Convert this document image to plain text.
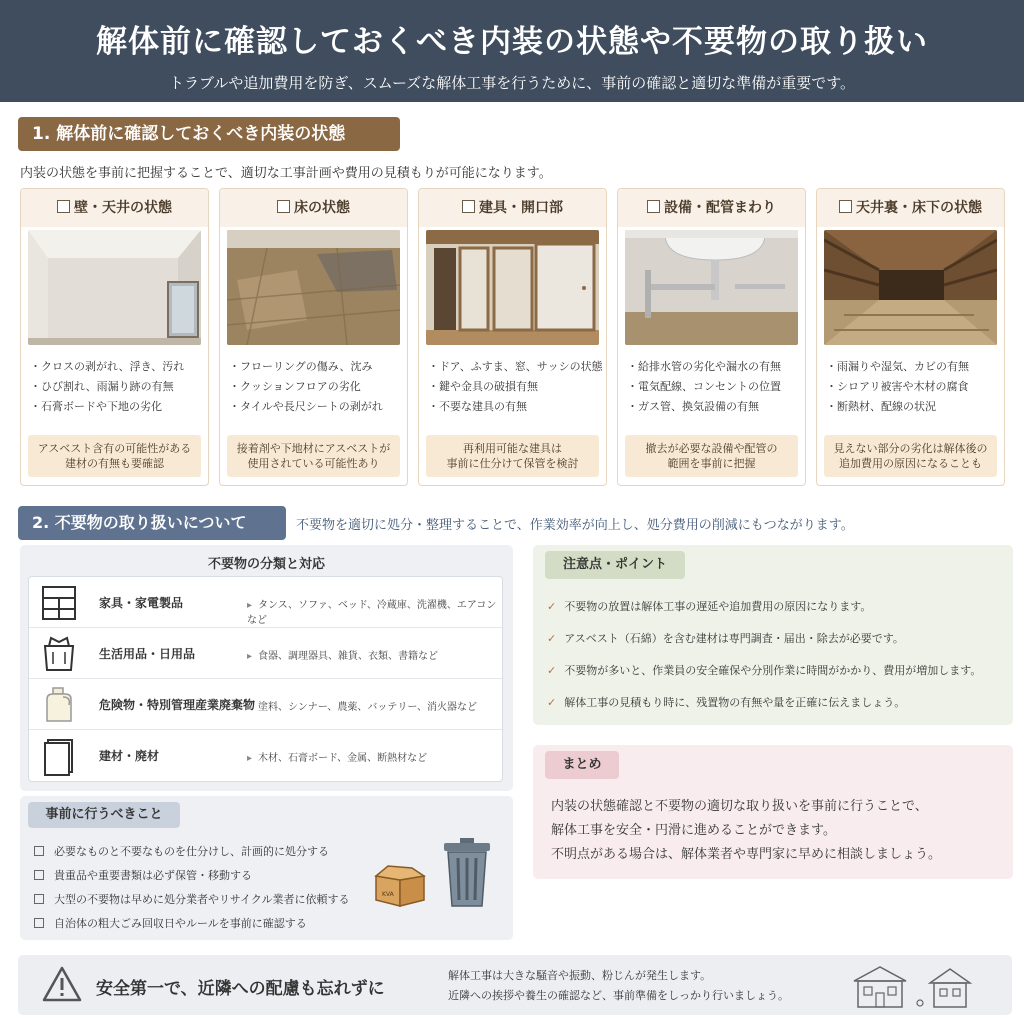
解体前に確認しておくべき内装の状態や不要物の取り扱い
トラブルや追加費用を防ぎ、スムーズな解体工事を行うために、事前の確認と適切な準備が重要です。
1. 解体前に確認しておくべき内装の状態
内装の状態を事前に把握することで、適切な工事計画や費用の見積もりが可能になります。
壁・天井の状態
・クロスの剥がれ、浮き、汚れ
・ひび割れ、雨漏り跡の有無
・石膏ボードや下地の劣化
アスベスト含有の可能性がある
建材の有無も要確認
床の状態
・フローリングの傷み、沈み
・クッションフロアの劣化
・タイルや長尺シートの剥がれ
接着剤や下地材にアスベストが
使用されている可能性あり
建具・開口部
・ドア、ふすま、窓、サッシの状態
・鍵や金具の破損有無
・不要な建具の有無
再利用可能な建具は
事前に仕分けて保管を検討
設備・配管まわり
・給排水管の劣化や漏水の有無
・電気配線、コンセントの位置
・ガス管、換気設備の有無
撤去が必要な設備や配管の
範囲を事前に把握
天井裏・床下の状態
・雨漏りや湿気、カビの有無
・シロアリ被害や木材の腐食
・断熱材、配線の状況
見えない部分の劣化は解体後の
追加費用の原因になることも
2. 不要物の取り扱いについて	不要物を適切に処分・整理することで、作業効率が向上し、処分費用の削減にもつながります。
不要物の分類と対応
家具・家電製品	▸ タンス、ソファ、ベッド、冷蔵庫、洗濯機、エアコンなど
生活用品・日用品	▸ 食器、調理器具、雑貨、衣類、書籍など
危険物・特別管理産業廃棄物 ▸ 塗料、シンナー、農薬、バッテリー、消火器など
建材・廃材	▸ 木材、石膏ボード、金属、断熱材など
事前に行うべきこと
必要なものと不要なものを仕分けし、計画的に処分する
貴重品や重要書類は必ず保管・移動する
大型の不要物は早めに処分業者やリサイクル業者に依頼する
自治体の粗大ごみ回収日やルールを事前に確認する
KVA
注意点・ポイント
✓ 不要物の放置は解体工事の遅延や追加費用の原因になります。
✓ アスベスト（石綿）を含む建材は専門調査・届出・除去が必要です。
✓ 不要物が多いと、作業員の安全確保や分別作業に時間がかかり、費用が増加します。
✓ 解体工事の見積もり時に、残置物の有無や量を正確に伝えましょう。
まとめ
内装の状態確認と不要物の適切な取り扱いを事前に行うことで、
解体工事を安全・円滑に進めることができます。
不明点がある場合は、解体業者や専門家に早めに相談しましょう。
安全第一で、近隣への配慮も忘れずに
解体工事は大きな騒音や振動、粉じんが発生します。
近隣への挨拶や養生の確認など、事前準備をしっかり行いましょう。
